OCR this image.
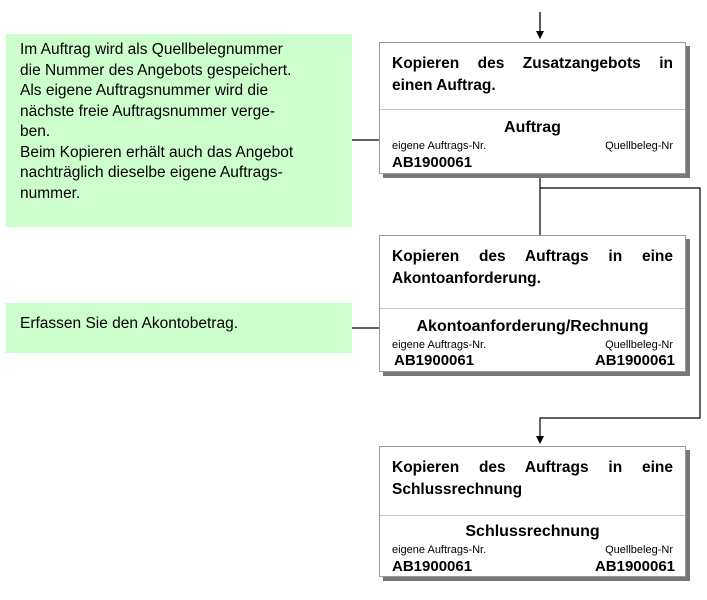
Im Auftrag wird als Quellbelegnummer
die Nummer des Angebots gespeichert.
Als eigene Auftragsnummer wird die
nächste freie Auftragsnummer verge-
ben.
Beim Kopieren erhält auch das Angebot
nachträglich dieselbe eigene Auftrags-
nummer.

Erfassen Sie den Akontobetrag.

Kopieren des Zusatzangebots in einen Auftrag.
Auftrag
eigene Auftrags-Nr.	Quellbeleg-Nr
AB1900061
Kopieren des Auftrags in eine Akontoanforderung.
Akontoanforderung/Rechnung
eigene Auftrags-Nr.	Quellbeleg-Nr
AB1900061	AB1900061
Kopieren des Auftrags in eine Schlussrechnung
Schlussrechnung
eigene Auftrags-Nr.	Quellbeleg-Nr
AB1900061	AB1900061
